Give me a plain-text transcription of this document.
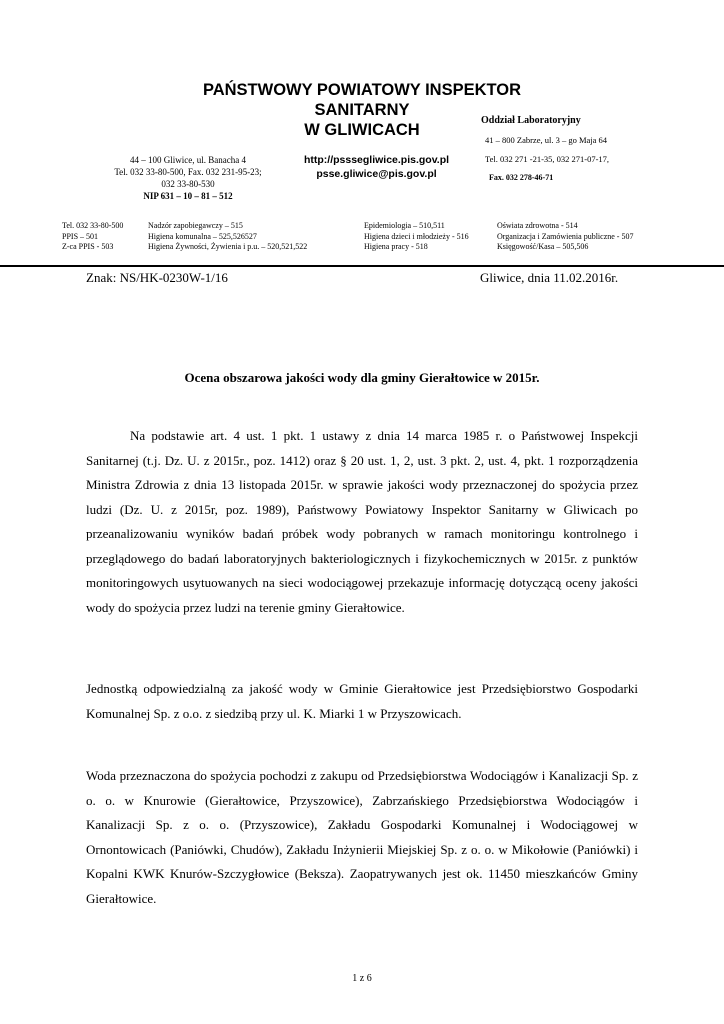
PAŃSTWOWY POWIATOWY INSPEKTOR
SANITARNY
W GLIWICACH
Oddział Laboratoryjny
41 – 800 Zabrze, ul. 3 – go Maja 64
Tel. 032 271 -21-35, 032 271-07-17,
Fax. 032 278-46-71
44 – 100 Gliwice, ul. Banacha 4
Tel. 032 33-80-500, Fax. 032 231-95-23;
032 33-80-530
NIP 631 – 10 – 81 – 512
http://psssegliwice.pis.gov.pl
psse.gliwice@pis.gov.pl
Tel. 032 33-80-500
PPIS – 501
Z-ca PPIS - 503
Nadzór zapobiegawczy – 515
Higiena komunalna – 525,526527
Higiena Żywności, Żywienia i p.u. – 520,521,522
Epidemiologia – 510,511
Higiena dzieci i młodzieży - 516
Higiena pracy - 518
Oświata zdrowotna - 514
Organizacja i Zamówienia publiczne - 507
Księgowość/Kasa – 505,506
Znak: NS/HK-0230W-1/16	Gliwice, dnia 11.02.2016r.
Ocena obszarowa jakości wody dla gminy Gierałtowice w 2015r.
Na podstawie art. 4 ust. 1 pkt. 1 ustawy z dnia 14 marca 1985 r. o Państwowej Inspekcji Sanitarnej (t.j. Dz. U. z 2015r., poz. 1412) oraz § 20 ust. 1, 2, ust. 3 pkt. 2, ust. 4, pkt. 1 rozporządzenia Ministra Zdrowia z dnia 13 listopada 2015r. w sprawie jakości wody przeznaczonej do spożycia przez ludzi (Dz. U. z 2015r, poz. 1989), Państwowy Powiatowy Inspektor Sanitarny w Gliwicach po przeanalizowaniu wyników badań próbek wody pobranych w ramach monitoringu kontrolnego i przeglądowego do badań laboratoryjnych bakteriologicznych i fizykochemicznych w 2015r. z punktów monitoringowych usytuowanych na sieci wodociągowej przekazuje informację dotyczącą oceny jakości wody do spożycia przez ludzi na terenie gminy Gierałtowice.
Jednostką odpowiedzialną za jakość wody w Gminie Gierałtowice jest Przedsiębiorstwo Gospodarki Komunalnej Sp. z o.o. z siedzibą przy ul. K. Miarki 1 w Przyszowicach.
Woda przeznaczona do spożycia pochodzi z zakupu od Przedsiębiorstwa Wodociągów i Kanalizacji Sp. z o. o. w Knurowie (Gierałtowice, Przyszowice), Zabrzańskiego Przedsiębiorstwa Wodociągów i Kanalizacji Sp. z o. o. (Przyszowice), Zakładu Gospodarki Komunalnej i Wodociągowej w Ornontowicach (Paniówki, Chudów), Zakładu Inżynierii Miejskiej Sp. z o. o. w Mikołowie (Paniówki) i Kopalni KWK Knurów-Szczygłowice (Beksza). Zaopatrywanych jest ok. 11450 mieszkańców Gminy Gierałtowice.
1 z 6
